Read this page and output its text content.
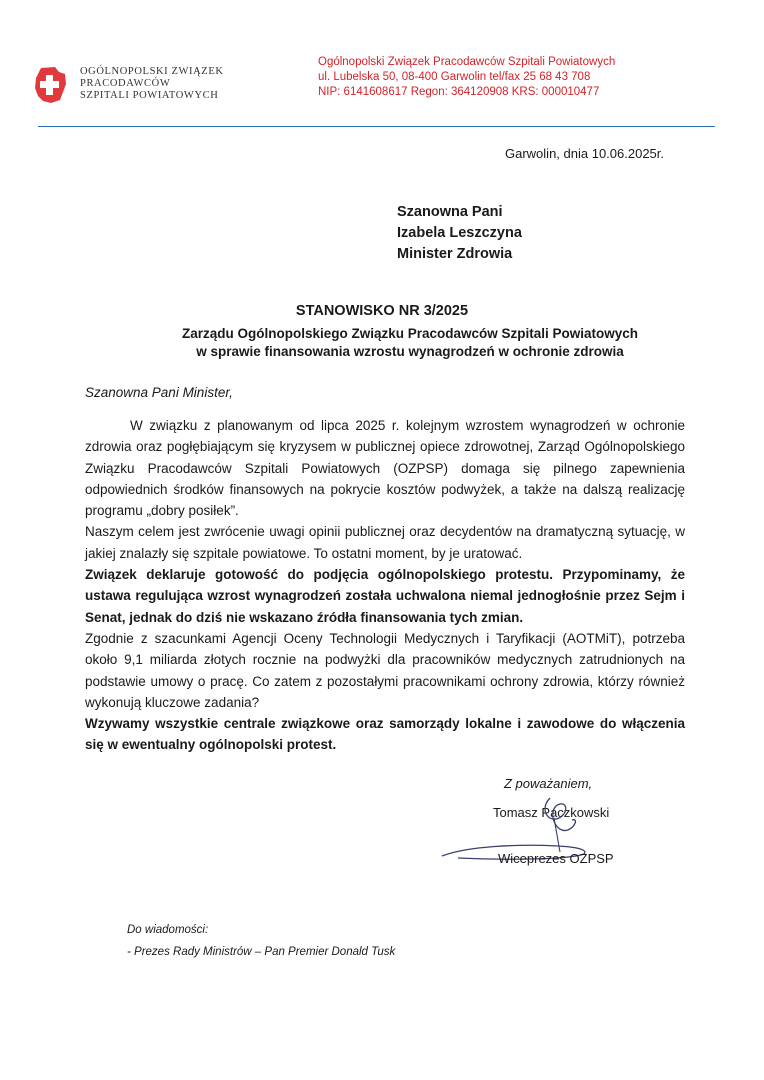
OGÓLNOPOLSKI ZWIĄZEK
PRACODAWCÓW
SZPITALI POWIATOWYCH
Ogólnopolski Związek Pracodawców Szpitali Powiatowych
ul. Lubelska 50, 08-400 Garwolin tel/fax 25 68 43 708
NIP: 6141608617 Regon: 364120908 KRS: 000010477
Garwolin, dnia 10.06.2025r.
Szanowna Pani
Izabela Leszczyna
Minister Zdrowia
STANOWISKO NR 3/2025
Zarządu Ogólnopolskiego Związku Pracodawców Szpitali Powiatowych
w sprawie finansowania wzrostu wynagrodzeń w ochronie zdrowia
Szanowna Pani Minister,

W związku z planowanym od lipca 2025 r. kolejnym wzrostem wynagrodzeń w ochronie zdrowia oraz pogłębiającym się kryzysem w publicznej opiece zdrowotnej, Zarząd Ogólnopolskiego Związku Pracodawców Szpitali Powiatowych (OZPSP) domaga się pilnego zapewnienia odpowiednich środków finansowych na pokrycie kosztów podwyżek, a także na dalszą realizację programu „dobry posiłek”.

Naszym celem jest zwrócenie uwagi opinii publicznej oraz decydentów na dramatyczną sytuację, w jakiej znalazły się szpitale powiatowe. To ostatni moment, by je uratować.

Związek deklaruje gotowość do podjęcia ogólnopolskiego protestu. Przypominamy, że ustawa regulująca wzrost wynagrodzeń została uchwalona niemal jednogłośnie przez Sejm i Senat, jednak do dziś nie wskazano źródła finansowania tych zmian.

Zgodnie z szacunkami Agencji Oceny Technologii Medycznych i Taryfikacji (AOTMiT), potrzeba około 9,1 miliarda złotych rocznie na podwyżki dla pracowników medycznych zatrudnionych na podstawie umowy o pracę. Co zatem z pozostałymi pracownikami ochrony zdrowia, którzy również wykonują kluczowe zadania?

Wzywamy wszystkie centrale związkowe oraz samorządy lokalne i zawodowe do włączenia się w ewentualny ogólnopolski protest.

Z poważaniem,
Tomasz Paczkowski
Wiceprezes OZPSP
Do wiadomości:
- Prezes Rady Ministrów – Pan Premier Donald Tusk
